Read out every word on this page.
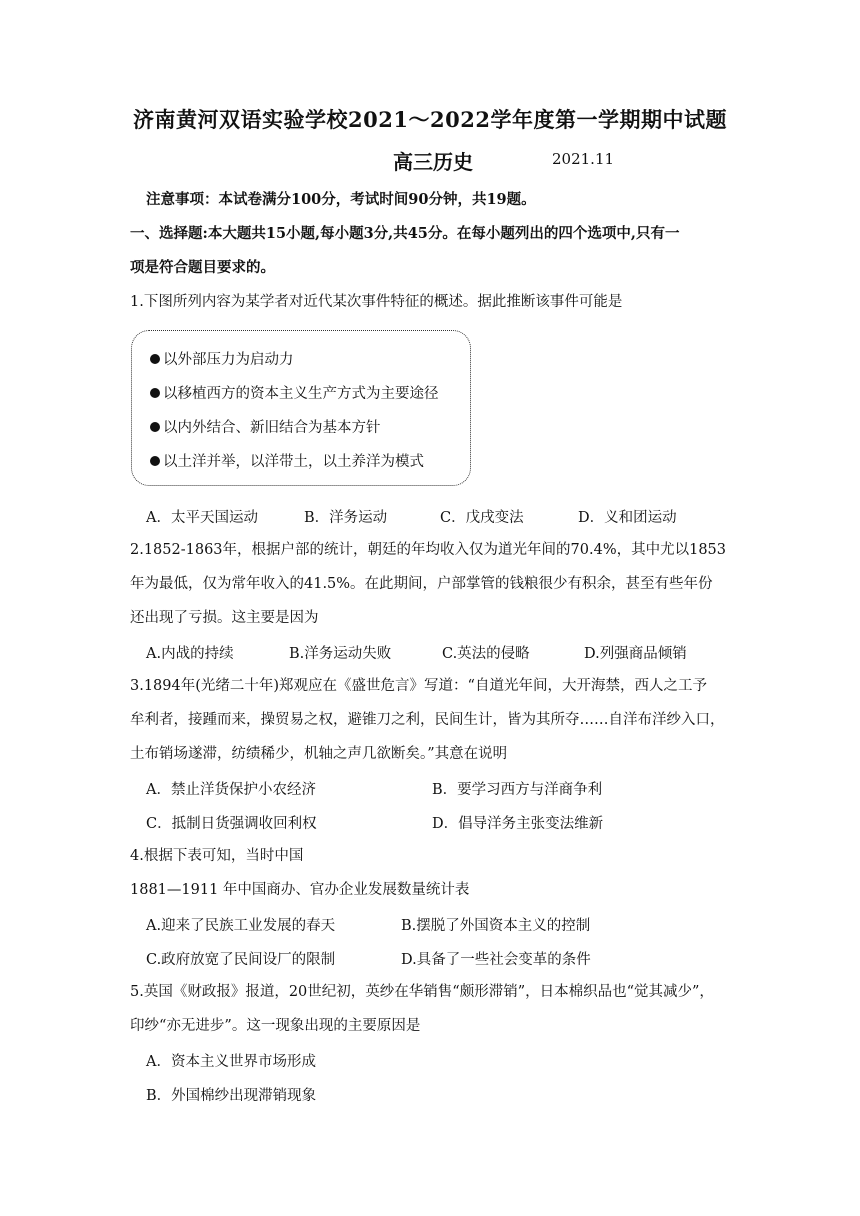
济南黄河双语实验学校2021～2022学年度第一学期期中试题
高三历史	2021.11
注意事项：本试卷满分100分，考试时间90分钟，共19题。
一、选择题:本大题共15小题,每小题3分,共45分。在每小题列出的四个选项中,只有一
项是符合题目要求的。
1.下图所列内容为某学者对近代某次事件特征的概述。据此推断该事件可能是
以外部压力为启动力
以移植西方的资本主义生产方式为主要途径
以内外结合、新旧结合为基本方针
以土洋并举，以洋带土，以土养洋为模式
A．太平天国运动	B．洋务运动	C．戊戌变法	D．义和团运动
2.1852-1863年，根据户部的统计，朝廷的年均收入仅为道光年间的70.4%，其中尤以1853
年为最低，仅为常年收入的41.5%。在此期间，户部掌管的钱粮很少有积余，甚至有些年份
还出现了亏损。这主要是因为
A.内战的持续	B.洋务运动失败	C.英法的侵略	D.列强商品倾销
3.1894年(光绪二十年)郑观应在《盛世危言》写道：“自道光年间，大开海禁，西人之工予
牟利者，接踵而来，操贸易之权，避锥刀之利，民间生计，皆为其所夺……自洋布洋纱入口，
土布销场遂滞，纺绩稀少，机轴之声几欲断矣。”其意在说明
A．禁止洋货保护小农经济	B．要学习西方与洋商争利
C．抵制日货强调收回利权	D．倡导洋务主张变法维新
4.根据下表可知，当时中国
1881—1911 年中国商办、官办企业发展数量统计表
A.迎来了民族工业发展的春天	B.摆脱了外国资本主义的控制
C.政府放宽了民间设厂的限制	D.具备了一些社会变革的条件
5.英国《财政报》报道，20世纪初，英纱在华销售“颇形滞销”，日本棉织品也“觉其减少”，
印纱“亦无进步”。这一现象出现的主要原因是
A．资本主义世界市场形成
B．外国棉纱出现滞销现象
